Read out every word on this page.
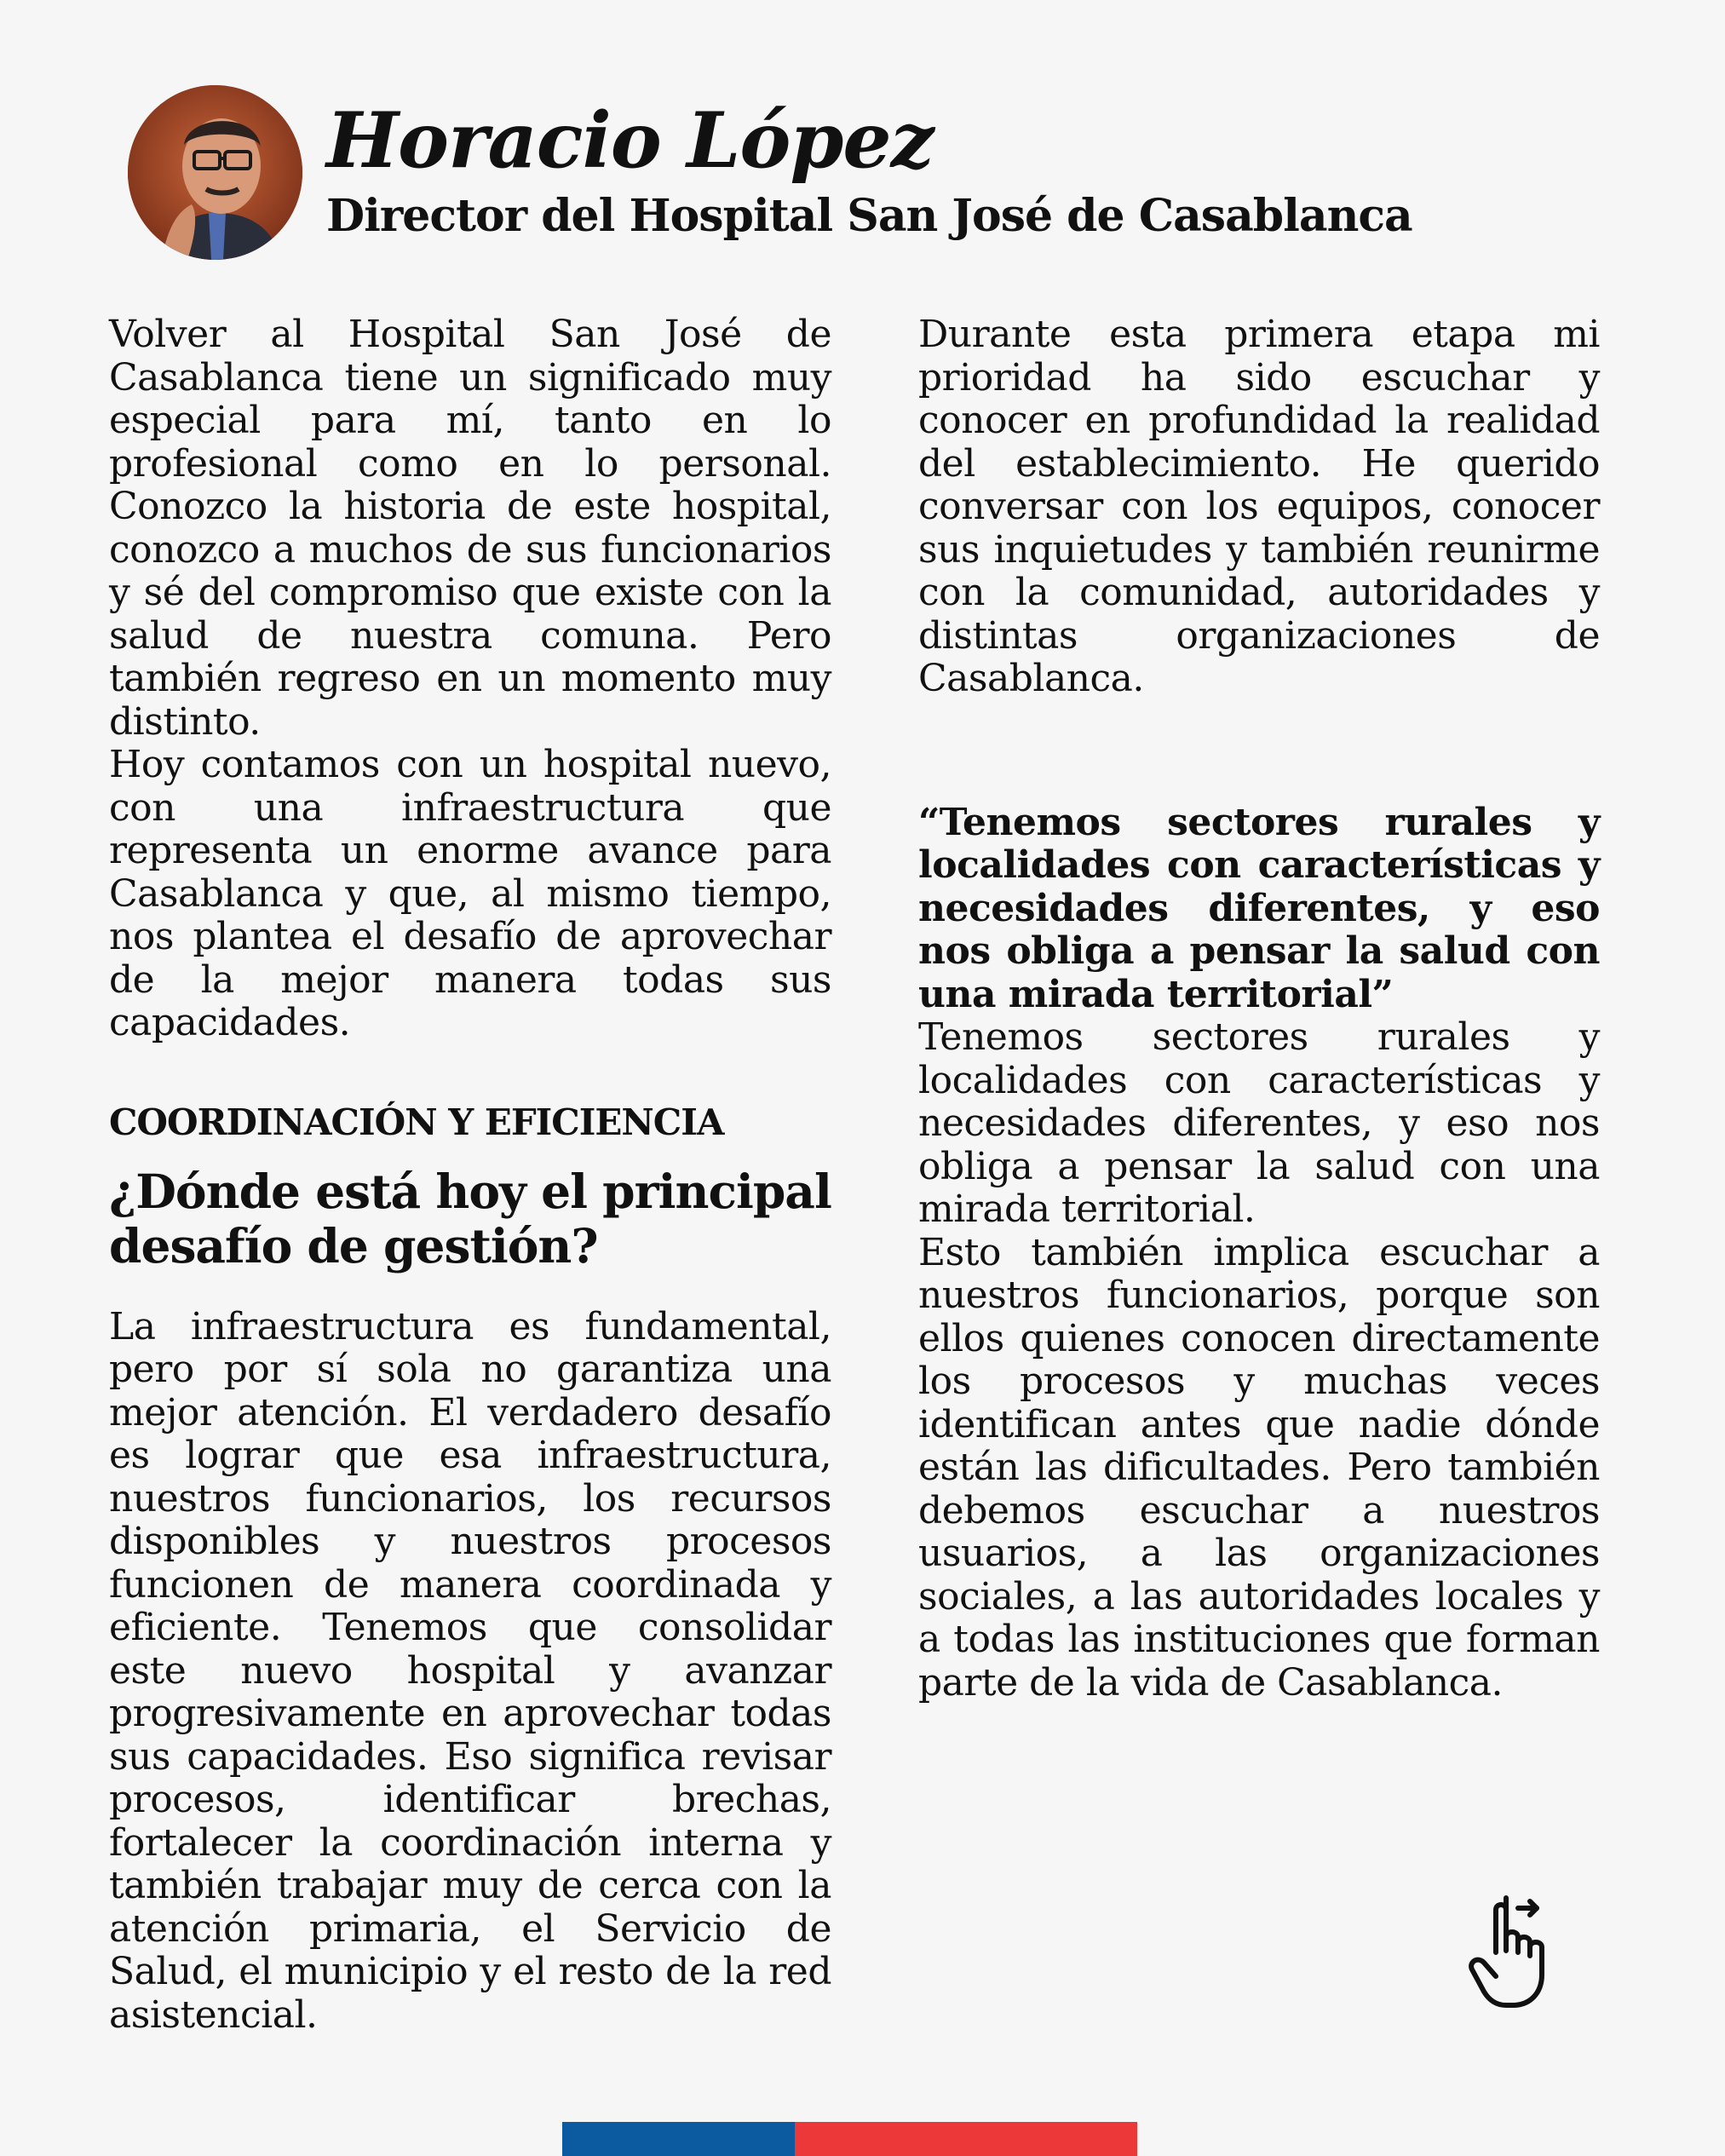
Horacio López
Director del Hospital San José de Casablanca

Volver al Hospital San José de Casablanca tiene un significado muy especial para mí, tanto en lo profesional como en lo personal. Conozco la historia de este hospital, conozco a muchos de sus funcionarios y sé del compromiso que existe con la salud de nuestra comuna. Pero también regreso en un momento muy distinto.

Hoy contamos con un hospital nuevo, con una infraestructura que representa un enorme avance para Casablanca y que, al mismo tiempo, nos plantea el desafío de aprovechar de la mejor manera todas sus capacidades.

COORDINACIÓN Y EFICIENCIA
¿Dónde está hoy el principal desafío de gestión?

La infraestructura es fundamental, pero por sí sola no garantiza una mejor atención. El verdadero desafío es lograr que esa infraestructura, nuestros funcionarios, los recursos disponibles y nuestros procesos funcionen de manera coordinada y eficiente. Tenemos que consolidar este nuevo hospital y avanzar progresivamente en aprovechar todas sus capacidades. Eso significa revisar procesos, identificar brechas, fortalecer la coordinación interna y también trabajar muy de cerca con la atención primaria, el Servicio de Salud, el municipio y el resto de la red asistencial.

Durante esta primera etapa mi prioridad ha sido escuchar y conocer en profundidad la realidad del establecimiento. He querido conversar con los equipos, conocer sus inquietudes y también reunirme con la comunidad, autoridades y distintas organizaciones de Casablanca.

“Tenemos sectores rurales y localidades con características y necesidades diferentes, y eso nos obliga a pensar la salud con una mirada territorial”

Tenemos sectores rurales y localidades con características y necesidades diferentes, y eso nos obliga a pensar la salud con una mirada territorial.

Esto también implica escuchar a nuestros funcionarios, porque son ellos quienes conocen directamente los procesos y muchas veces identifican antes que nadie dónde están las dificultades. Pero también debemos escuchar a nuestros usuarios, a las organizaciones sociales, a las autoridades locales y a todas las instituciones que forman parte de la vida de Casablanca.
